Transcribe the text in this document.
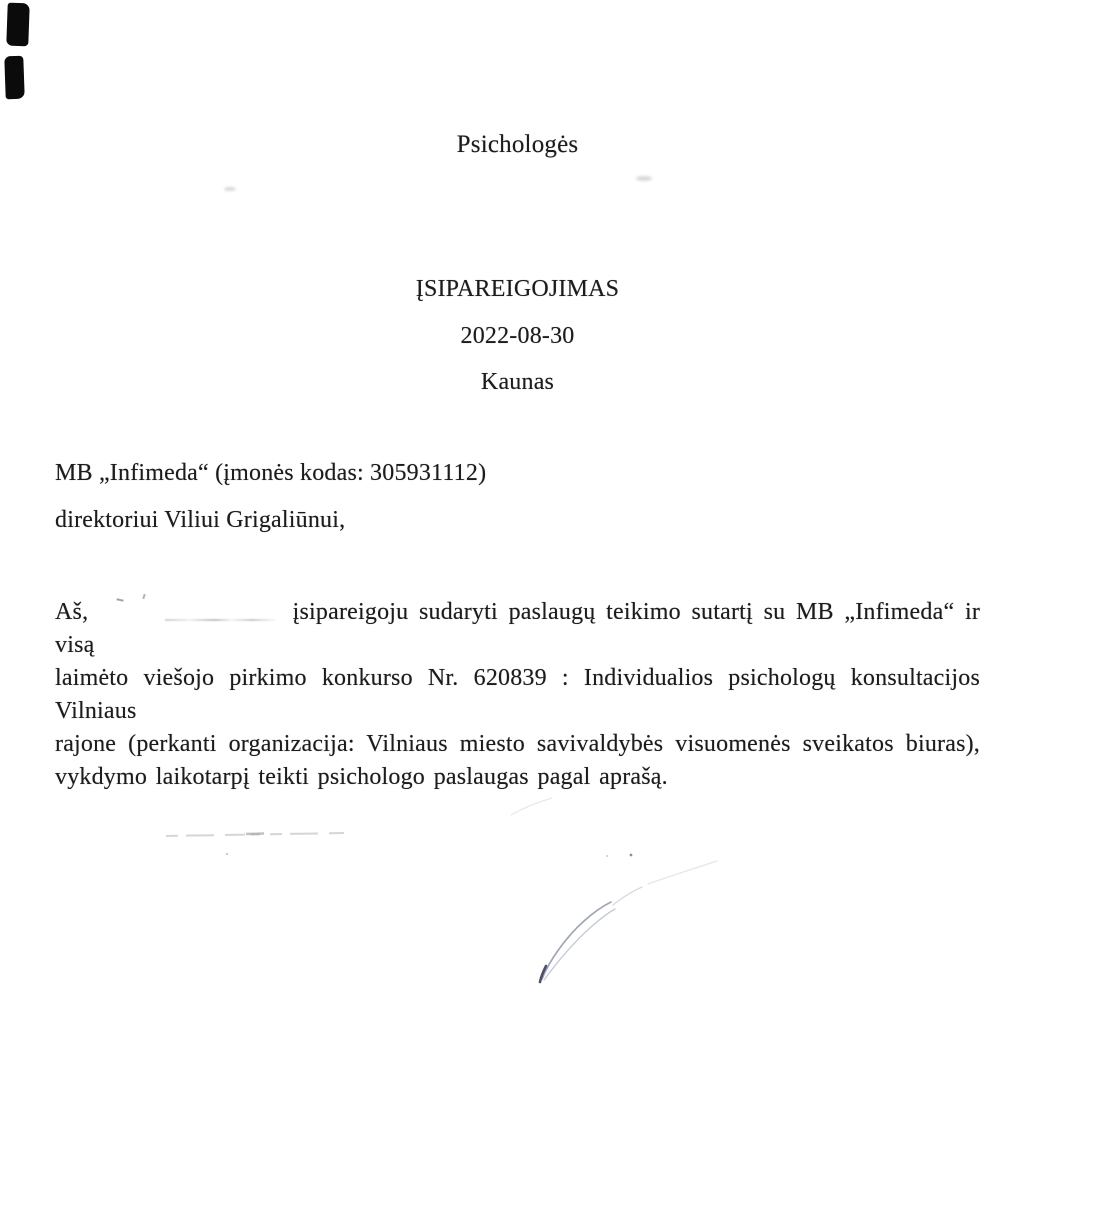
Psichologės
ĮSIPAREIGOJIMAS
2022-08-30
Kaunas
MB „Infimeda“ (įmonės kodas: 305931112)
direktoriui Viliui Grigaliūnui,
Aš,	įsipareigoju sudaryti paslaugų teikimo sutartį su MB „Infimeda“ ir visą
laimėto viešojo pirkimo konkurso Nr. 620839 : Individualios psichologų konsultacijos Vilniaus
rajone (perkanti organizacija: Vilniaus miesto savivaldybės visuomenės sveikatos biuras),
vykdymo laikotarpį teikti psichologo paslaugas pagal aprašą.
